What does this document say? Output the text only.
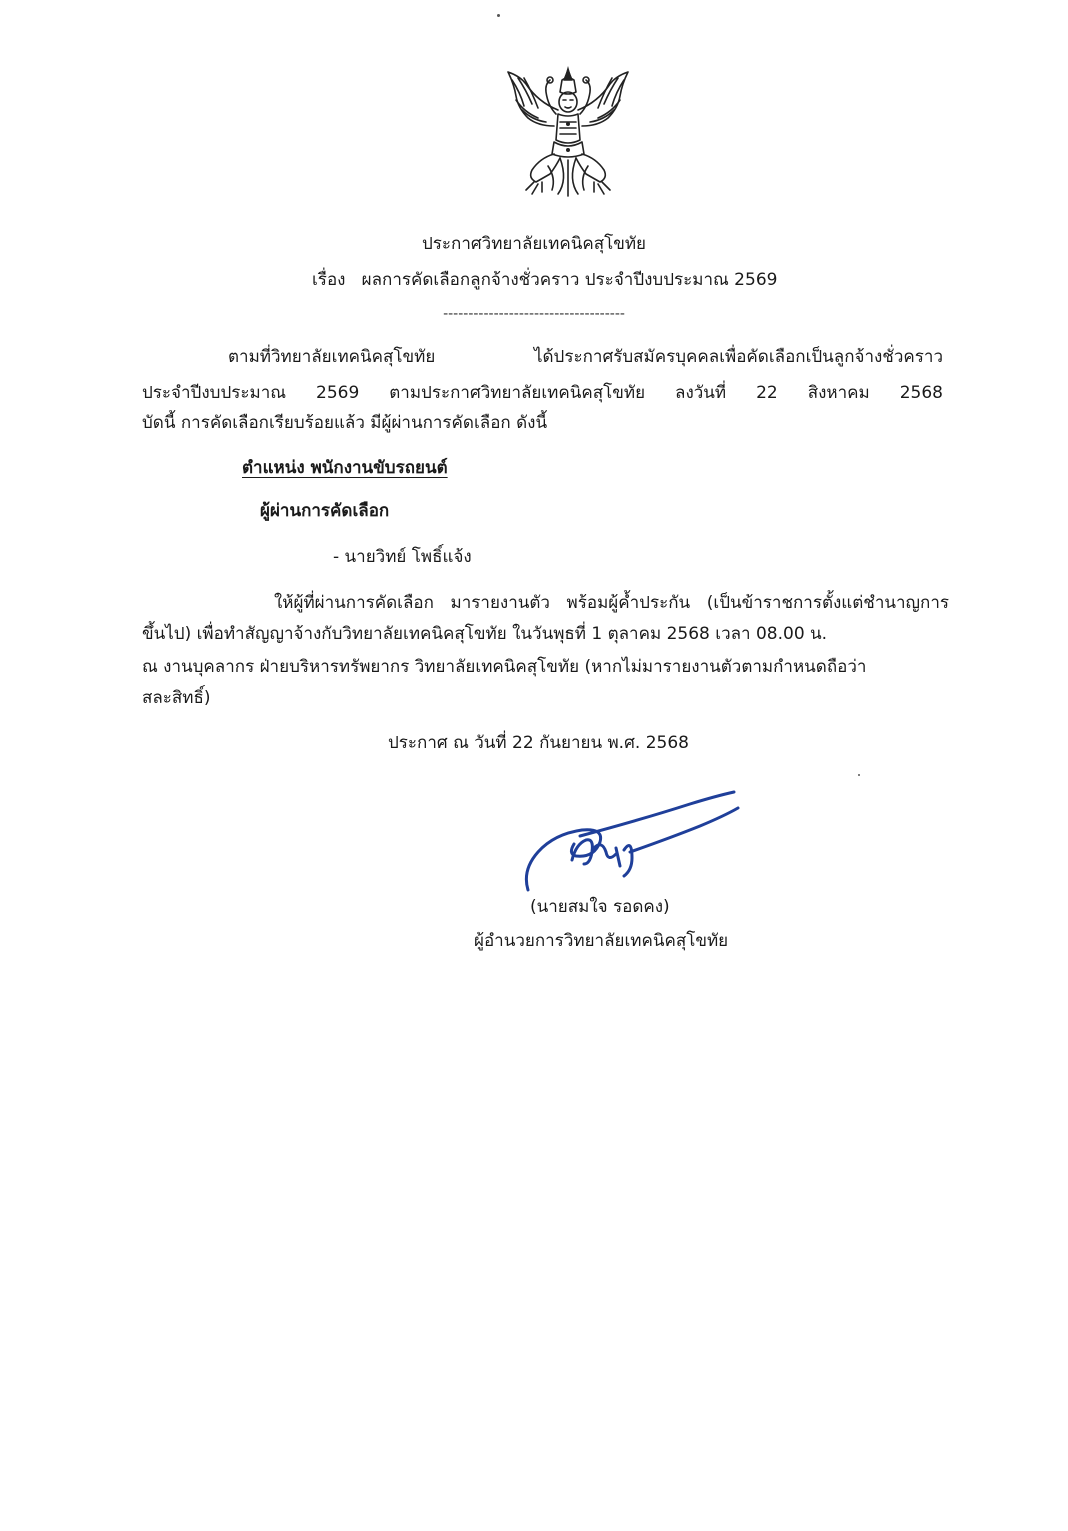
ประกาศวิทยาลัยเทคนิคสุโขทัย
เรื่อง ผลการคัดเลือกลูกจ้างชั่วคราว ประจำปีงบประมาณ 2569
------------------------------------
ตามที่วิทยาลัยเทคนิคสุโขทัย ได้ประกาศรับสมัครบุคคลเพื่อคัดเลือกเป็นลูกจ้างชั่วคราว
ประจำปีงบประมาณ 2569 ตามประกาศวิทยาลัยเทคนิคสุโขทัย ลงวันที่ 22 สิงหาคม 2568
บัดนี้ การคัดเลือกเรียบร้อยแล้ว มีผู้ผ่านการคัดเลือก ดังนี้
ตำแหน่ง พนักงานขับรถยนต์
ผู้ผ่านการคัดเลือก
- นายวิทย์ โพธิ์แจ้ง
ให้ผู้ที่ผ่านการคัดเลือก มารายงานตัว พร้อมผู้ค้ำประกัน (เป็นข้าราชการตั้งแต่ชำนาญการ
ขึ้นไป) เพื่อทำสัญญาจ้างกับวิทยาลัยเทคนิคสุโขทัย ในวันพุธที่ 1 ตุลาคม 2568 เวลา 08.00 น.
ณ งานบุคลากร ฝ่ายบริหารทรัพยากร วิทยาลัยเทคนิคสุโขทัย (หากไม่มารายงานตัวตามกำหนดถือว่า
สละสิทธิ์)
ประกาศ ณ วันที่ 22 กันยายน พ.ศ. 2568
(นายสมใจ รอดคง)
ผู้อำนวยการวิทยาลัยเทคนิคสุโขทัย
